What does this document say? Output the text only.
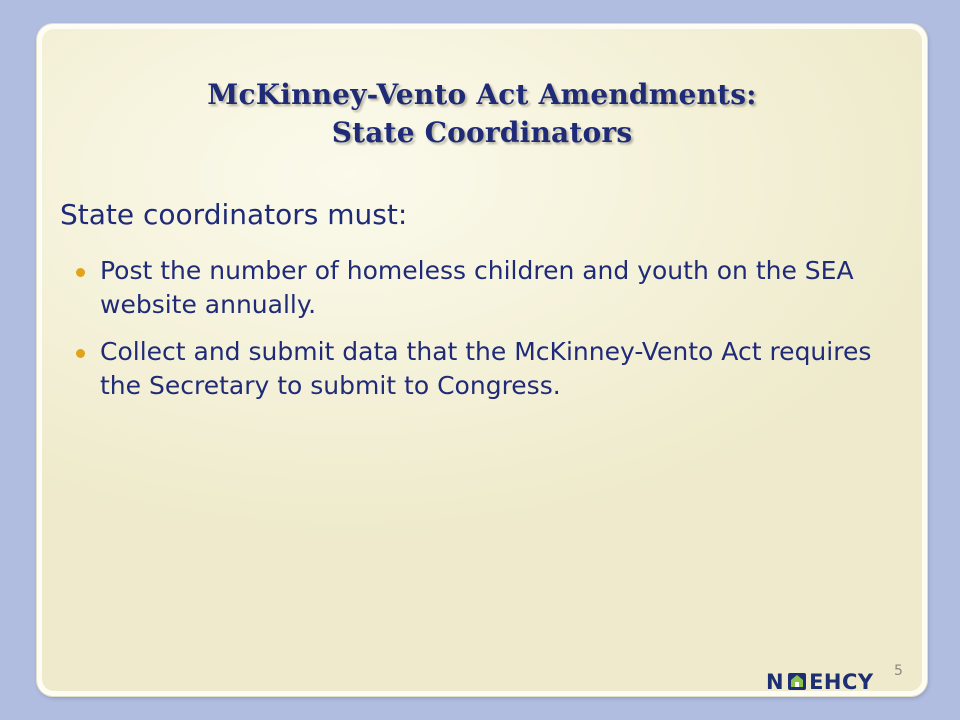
McKinney-Vento Act Amendments:
State Coordinators
State coordinators must:
Post the number of homeless children and youth on the SEA website annually.
Collect and submit data that the McKinney-Vento Act requires the Secretary to submit to Congress.
N EHCY 5
